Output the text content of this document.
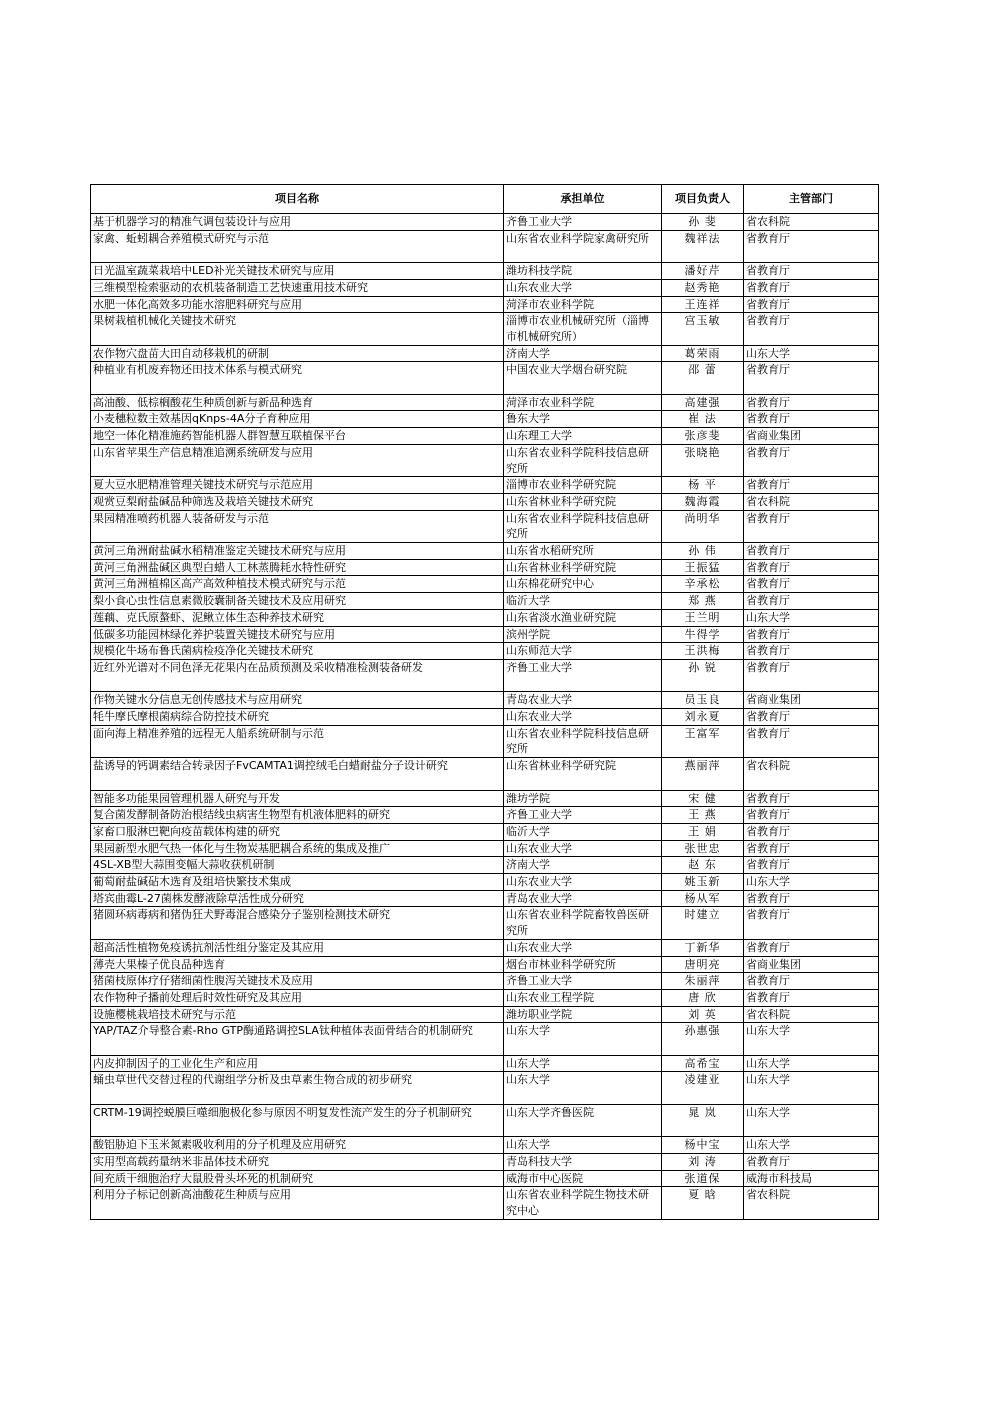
项目名称	承担单位	项目负责人	主管部门
基于机器学习的精准气调包装设计与应用	齐鲁工业大学	孙 斐	省农科院
家禽、蚯蚓耦合养殖模式研究与示范	山东省农业科学院家禽研究所	魏祥法	省教育厅
日光温室蔬菜栽培中LED补光关键技术研究与应用	潍坊科技学院	潘好芹	省教育厅
三维模型检索驱动的农机装备制造工艺快速重用技术研究	山东农业大学	赵秀艳	省教育厅
水肥一体化高效多功能水溶肥料研究与应用	菏泽市农业科学院	王连祥	省教育厅
果树栽植机械化关键技术研究	淄博市农业机械研究所（淄博市机械研究所）	宫玉敏	省教育厅
农作物穴盘苗大田自动移栽机的研制	济南大学	葛荣雨	山东大学
种植业有机废弃物还田技术体系与模式研究	中国农业大学烟台研究院	邵 蕾	省教育厅
高油酸、低棕榈酸花生种质创新与新品种选育	菏泽市农业科学院	高建强	省教育厅
小麦穗粒数主效基因qKnps-4A分子育种应用	鲁东大学	崔 法	省教育厅
地空一体化精准施药智能机器人群智慧互联植保平台	山东理工大学	张彦斐	省商业集团
山东省苹果生产信息精准追溯系统研发与应用	山东省农业科学院科技信息研究所	张晓艳	省教育厅
夏大豆水肥精准管理关键技术研究与示范应用	淄博市农业科学研究院	杨 平	省教育厅
观赏豆梨耐盐碱品种筛选及栽培关键技术研究	山东省林业科学研究院	魏海霞	省农科院
果园精准喷药机器人装备研发与示范	山东省农业科学院科技信息研究所	尚明华	省教育厅
黄河三角洲耐盐碱水稻精准鉴定关键技术研究与应用	山东省水稻研究所	孙 伟	省教育厅
黄河三角洲盐碱区典型白蜡人工林蒸腾耗水特性研究	山东省林业科学研究院	王振猛	省教育厅
黄河三角洲植棉区高产高效种植技术模式研究与示范	山东棉花研究中心	辛承松	省教育厅
梨小食心虫性信息素微胶囊制备关键技术及应用研究	临沂大学	郑 燕	省教育厅
莲藕、克氏原螯虾、泥鳅立体生态种养技术研究	山东省淡水渔业研究院	王兰明	山东大学
低碳多功能园林绿化养护装置关键技术研究与应用	滨州学院	牛得学	省教育厅
规模化牛场布鲁氏菌病检疫净化关键技术研究	山东师范大学	王洪梅	省教育厅
近红外光谱对不同色泽无花果内在品质预测及采收精准检测装备研发	齐鲁工业大学	孙 锐	省教育厅
作物关键水分信息无创传感技术与应用研究	青岛农业大学	员玉良	省商业集团
牦牛摩氏摩根菌病综合防控技术研究	山东农业大学	刘永夏	省教育厅
面向海上精准养殖的远程无人船系统研制与示范	山东省农业科学院科技信息研究所	王富军	省教育厅
盐诱导的钙调素结合转录因子FvCAMTA1调控绒毛白蜡耐盐分子设计研究	山东省林业科学研究院	燕丽萍	省农科院
智能多功能果园管理机器人研究与开发	潍坊学院	宋 健	省教育厅
复合菌发酵制备防治根结线虫病害生物型有机液体肥料的研究	齐鲁工业大学	王 燕	省教育厅
家畜口服淋巴靶向疫苗载体构建的研究	临沂大学	王 娟	省教育厅
果园新型水肥气热一体化与生物炭基肥耦合系统的集成及推广	山东农业大学	张世忠	省教育厅
4SL-XB型大蒜围变幅大蒜收获机研制	济南大学	赵 东	省教育厅
葡萄耐盐碱砧木选育及组培快繁技术集成	山东农业大学	姚玉新	山东大学
塔宾曲霉L-27菌株发酵液除草活性成分研究	青岛农业大学	杨从军	省教育厅
猪圆环病毒病和猪伪狂犬野毒混合感染分子鉴别检测技术研究	山东省农业科学院畜牧兽医研究所	时建立	省教育厅
超高活性植物免疫诱抗剂活性组分鉴定及其应用	山东农业大学	丁新华	省教育厅
薄壳大果榛子优良品种选育	烟台市林业科学研究所	唐明亮	省商业集团
猪菌枝原体疗仔猪细菌性腹泻关键技术及应用	齐鲁工业大学	朱丽萍	省教育厅
农作物种子播前处理后时效性研究及其应用	山东农业工程学院	唐 欣	省教育厅
设施樱桃栽培技术研究与示范	潍坊职业学院	刘 英	省农科院
YAP/TAZ介导整合素-Rho GTP酶通路调控SLA钛种植体表面骨结合的机制研究	山东大学	孙惠强	山东大学
内皮抑制因子的工业化生产和应用	山东大学	高希宝	山东大学
蛹虫草世代交替过程的代谢组学分析及虫草素生物合成的初步研究	山东大学	凌建亚	山东大学
CRTM-19调控蜕膜巨噬细胞极化参与原因不明复发性流产发生的分子机制研究	山东大学齐鲁医院	晁 岚	山东大学
酸铝胁迫下玉米氮素吸收利用的分子机理及应用研究	山东大学	杨中宝	山东大学
实用型高载药量纳米非晶体技术研究	青岛科技大学	刘 涛	省教育厅
间充质干细胞治疗大鼠股骨头坏死的机制研究	威海市中心医院	张道保	威海市科技局
利用分子标记创新高油酸花生种质与应用	山东省农业科学院生物技术研究中心	夏 晗	省农科院
